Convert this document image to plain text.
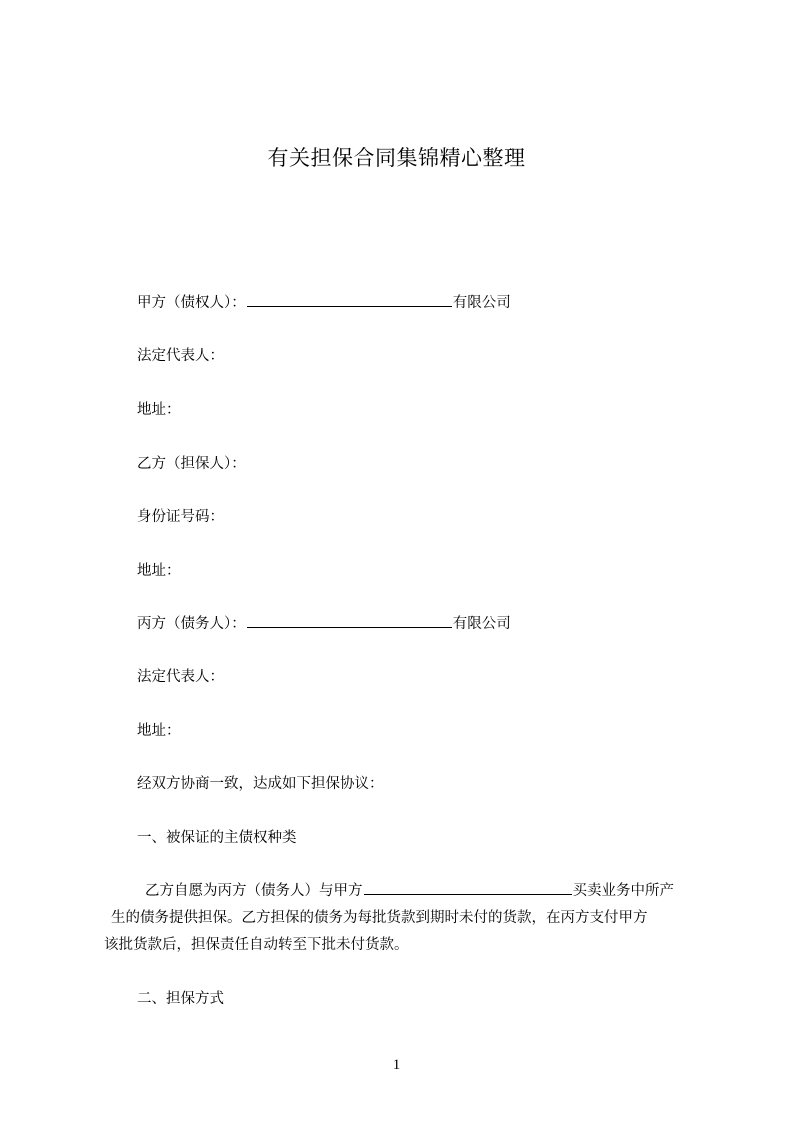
有关担保合同集锦精心整理
甲方（债权人）：	有限公司
法定代表人：
地址：
乙方（担保人）：
身份证号码：
地址：
丙方（债务人）：	有限公司
法定代表人：
地址：
经双方协商一致，达成如下担保协议：
一、被保证的主债权种类
乙方自愿为丙方（债务人）与甲方	买卖业务中所产
生的债务提供担保。乙方担保的债务为每批货款到期时未付的货款，在丙方支付甲方
该批货款后，担保责任自动转至下批未付货款。
二、担保方式
1
